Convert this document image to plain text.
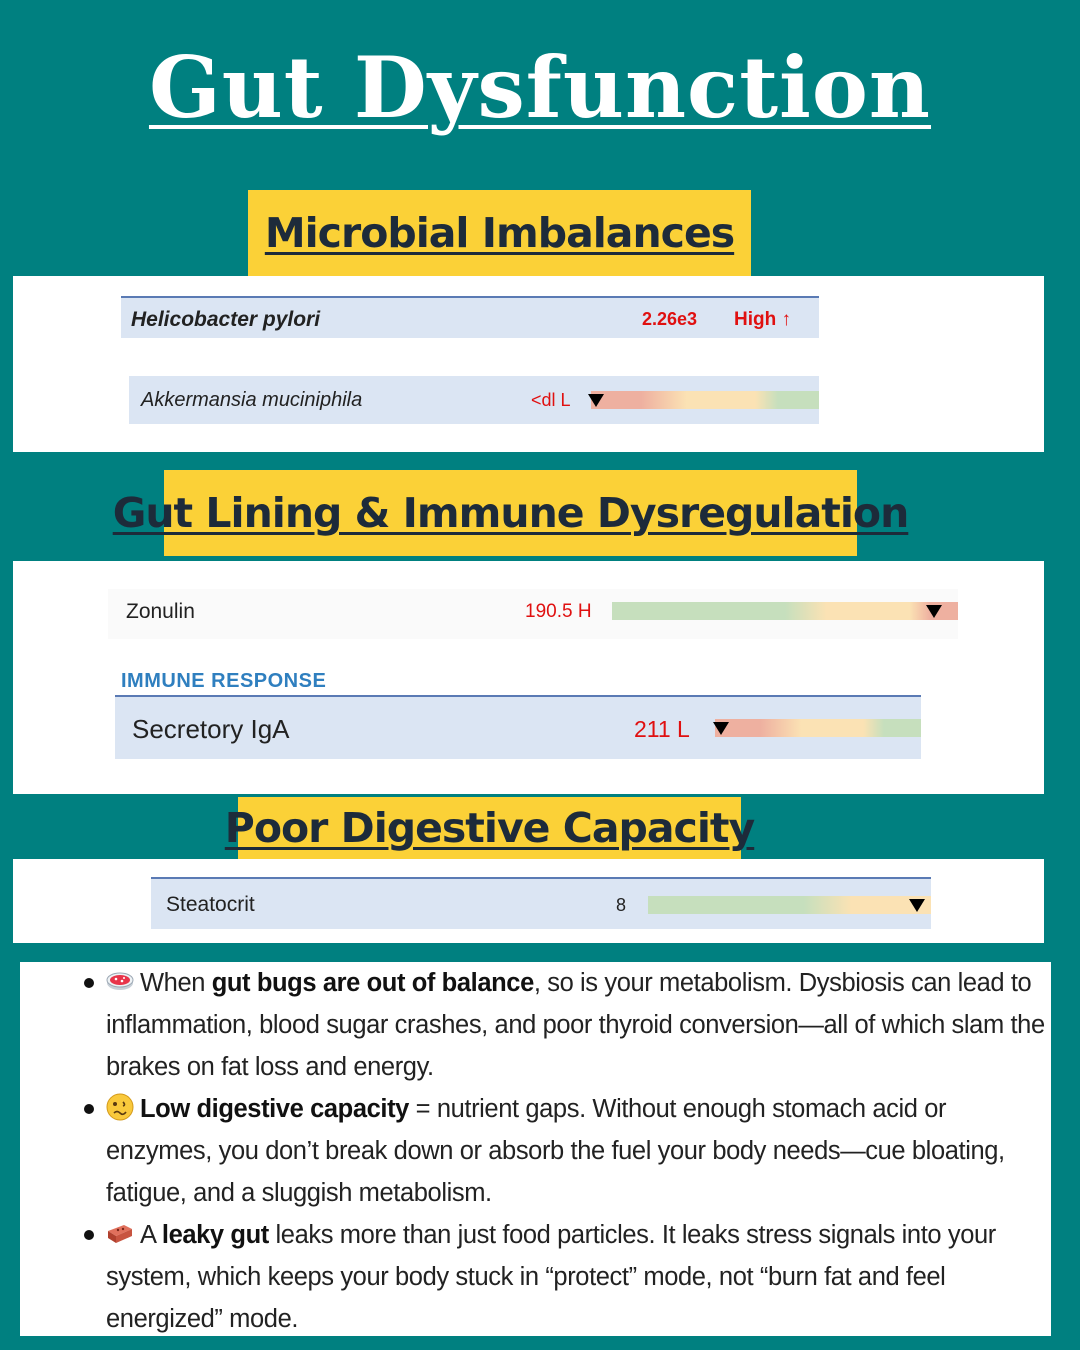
Gut Dysfunction
Microbial Imbalances
Helicobacter pylori	2.26e3 High ↑
Akkermansia muciniphila	<dl L
Gut Lining & Immune Dysregulation
Zonulin	190.5 H
IMMUNE RESPONSE
Secretory IgA	211 L
Poor Digestive Capacity
Steatocrit	8
When gut bugs are out of balance, so is your metabolism. Dysbiosis can lead to inflammation, blood sugar crashes, and poor thyroid conversion—all of which slam the brakes on fat loss and energy.
Low digestive capacity = nutrient gaps. Without enough stomach acid or enzymes, you don’t break down or absorb the fuel your body needs—cue bloating, fatigue, and a sluggish metabolism.
A leaky gut leaks more than just food particles. It leaks stress signals into your system, which keeps your body stuck in “protect” mode, not “burn fat and feel energized” mode.
